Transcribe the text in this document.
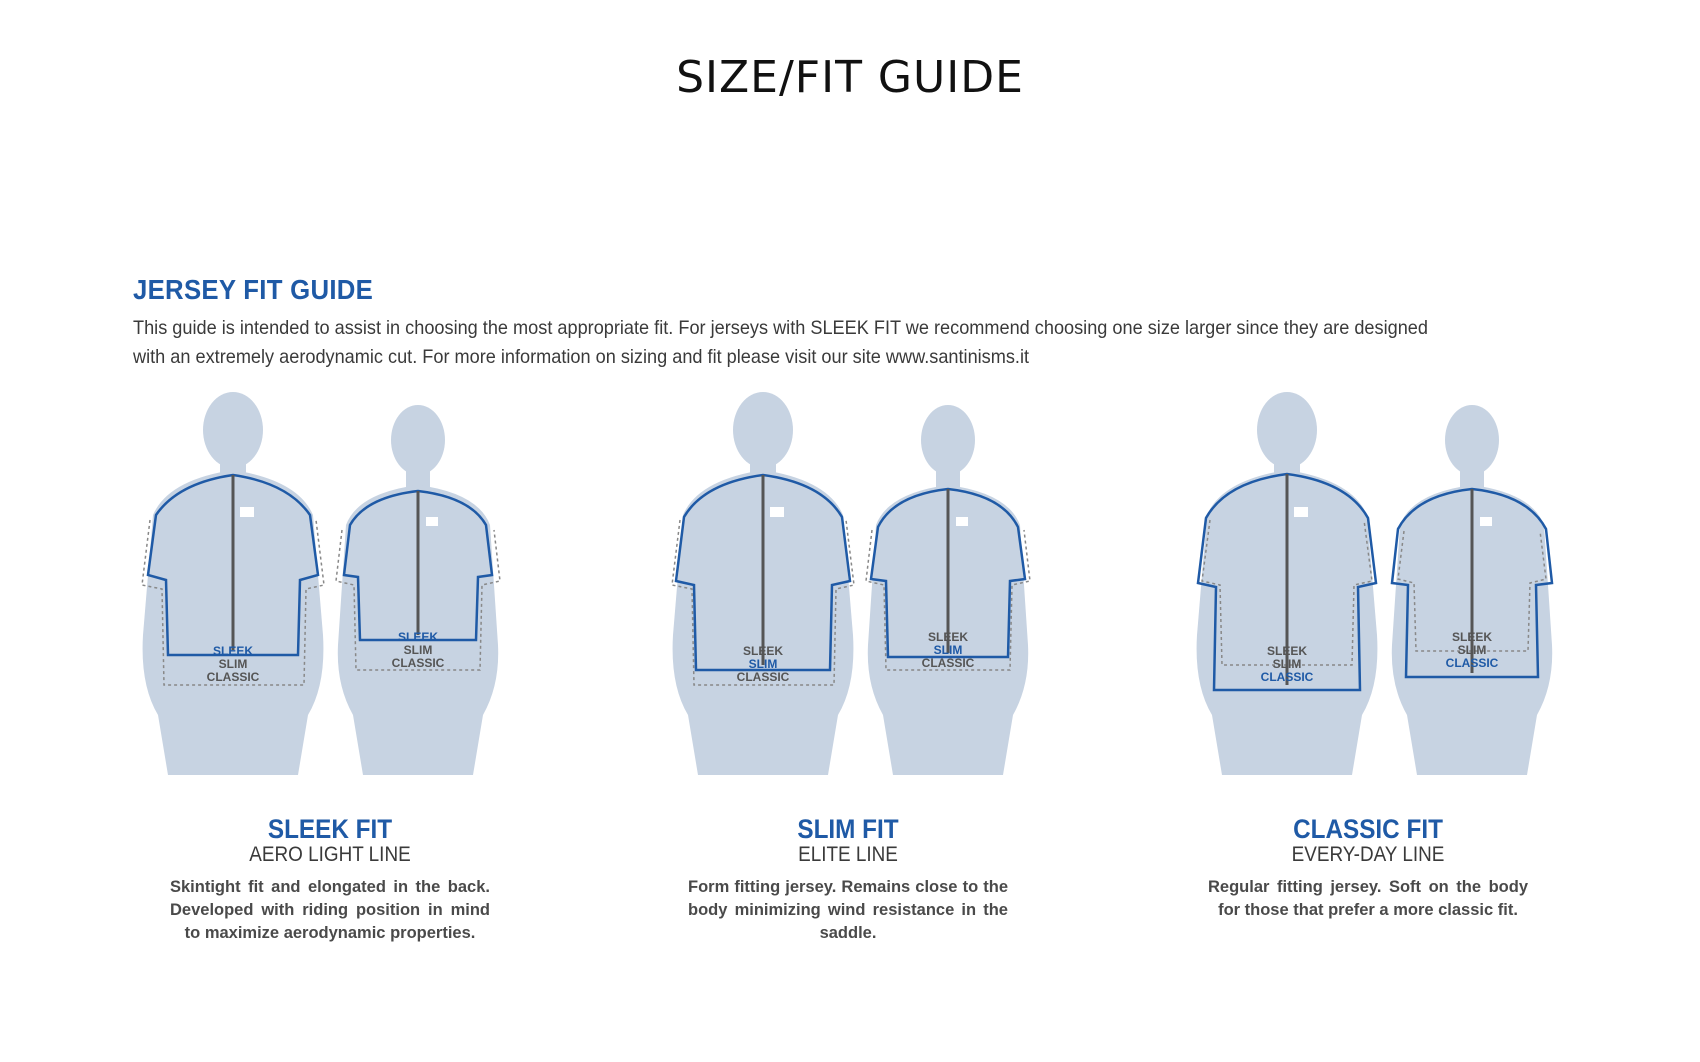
SIZE/FIT GUIDE
JERSEY FIT GUIDE
This guide is intended to assist in choosing the most appropriate fit. For jerseys with SLEEK FIT we recommend choosing one size larger since they are designed
with an extremely aerodynamic cut. For more information on sizing and fit please visit our site www.santinisms.it
SLEEK
SLIM
CLASSIC
SLEEK
SLIM
CLASSIC
SLEEK
SLIM
CLASSIC
SLEEK
SLIM
CLASSIC
SLEEK
SLIM
CLASSIC
SLEEK
SLIM
CLASSIC
SLEEK FIT
AERO LIGHT LINE
Skintight fit and elongated in the back. Developed with riding position in mind to maximize aerodynamic properties.
SLIM FIT
ELITE LINE
Form fitting jersey. Remains close to the body minimizing wind resistance in the saddle.
CLASSIC FIT
EVERY-DAY LINE
Regular fitting jersey. Soft on the body for those that prefer a more classic fit.
